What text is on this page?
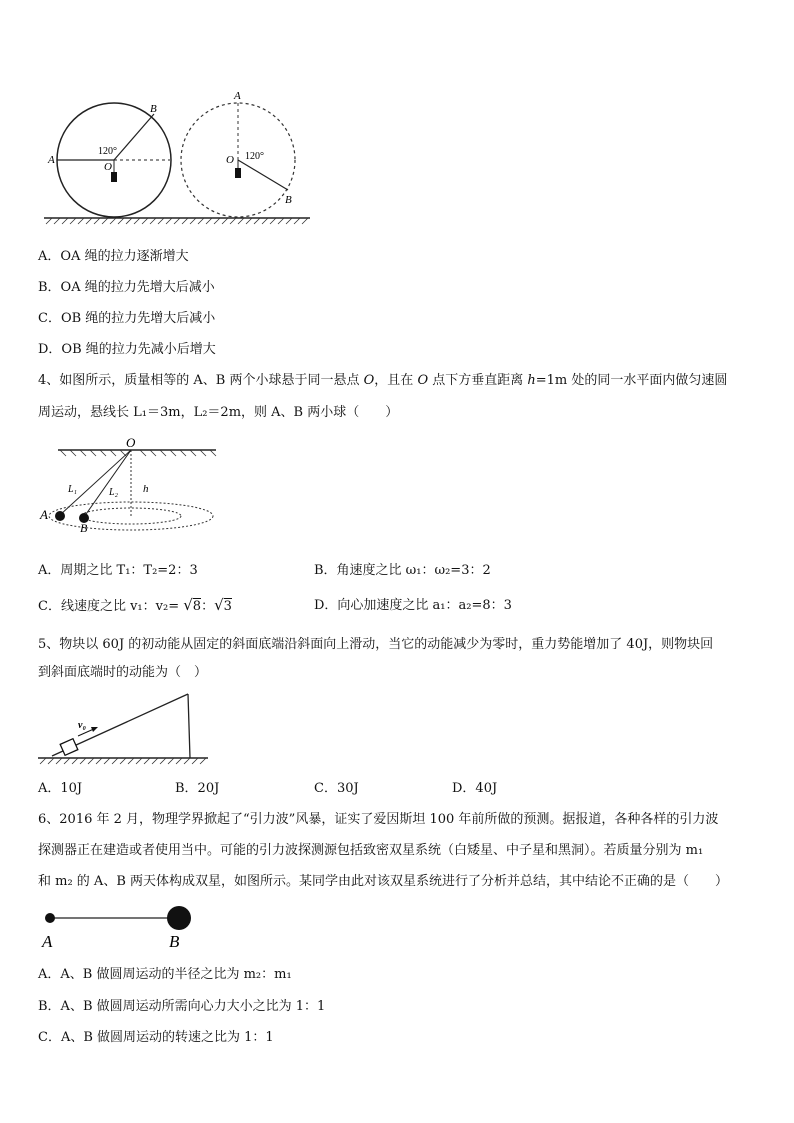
A
B
O
120°
A
B
O 120°
A．OA 绳的拉力逐渐增大
B．OA 绳的拉力先增大后减小
C．OB 绳的拉力先增大后减小
D．OB 绳的拉力先减小后增大
4、如图所示，质量相等的 A、B 两个小球悬于同一悬点 O，且在 O 点下方垂直距离 h=1m 处的同一水平面内做匀速圆
周运动，悬线长 L₁＝3m，L₂＝2m，则 A、B 两小球（　　）
O
L₁	L₂ h
A
B
A．周期之比 T₁：T₂=2：3	B．角速度之比 ω₁：ω₂=3：2
C．线速度之比 v₁：v₂= √8：√3	D．向心加速度之比 a₁：a₂=8：3
5、物块以 60J 的初动能从固定的斜面底端沿斜面向上滑动，当它的动能减少为零时，重力势能增加了 40J，则物块回
到斜面底端时的动能为（　）
v₀
A．10J	B．20J	C．30J	D．40J
6、2016 年 2 月，物理学界掀起了“引力波”风暴，证实了爱因斯坦 100 年前所做的预测。据报道，各种各样的引力波
探测器正在建造或者使用当中。可能的引力波探测源包括致密双星系统（白矮星、中子星和黑洞）。若质量分别为 m₁
和 m₂ 的 A、B 两天体构成双星，如图所示。某同学由此对该双星系统进行了分析并总结，其中结论不正确的是（　　）
A	B
A．A、B 做圆周运动的半径之比为 m₂：m₁
B．A、B 做圆周运动所需向心力大小之比为 1：1
C．A、B 做圆周运动的转速之比为 1：1
